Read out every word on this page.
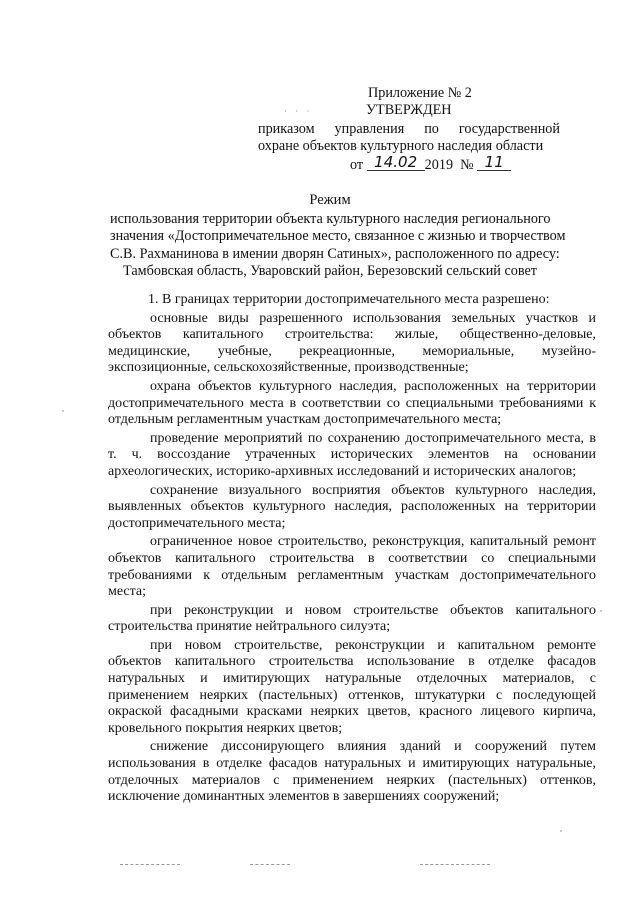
Приложение № 2
· · ·	УТВЕРЖДЕН
приказом управления по государственной
охране объектов культурного наследия области
от 14.02 2019 № 11
Режим
использования территории объекта культурного наследия регионального
значения «Достопримечательное место, связанное с жизнью и творчеством
С.В. Рахманинова в имении дворян Сатиных», расположенного по адресу:
Тамбовская область, Уваровский район, Березовский сельский совет

1. В границах территории достопримечательного места разрешено:

основные виды разрешенного использования земельных участков и объектов капитального строительства: жилые, общественно-деловые, медицинские, учебные, рекреационные, мемориальные, музейно-экспозиционные, сельскохозяйственные, производственные;

охрана объектов культурного наследия, расположенных на территории достопримечательного места в соответствии со специальными требованиями к отдельным регламентным участкам достопримечательного места;

проведение мероприятий по сохранению достопримечательного места, в т. ч. воссоздание утраченных исторических элементов на основании археологических, историко-архивных исследований и исторических аналогов;

сохранение визуального восприятия объектов культурного наследия, выявленных объектов культурного наследия, расположенных на территории достопримечательного места;

ограниченное новое строительство, реконструкция, капитальный ремонт объектов капитального строительства в соответствии со специальными требованиями к отдельным регламентным участкам достопримечательного места;

при реконструкции и новом строительстве объектов капитального строительства принятие нейтрального силуэта;

при новом строительстве, реконструкции и капитальном ремонте объектов капитального строительства использование в отделке фасадов натуральных и имитирующих натуральные отделочных материалов, с применением неярких (пастельных) оттенков, штукатурки с последующей окраской фасадными красками неярких цветов, красного лицевого кирпича, кровельного покрытия неярких цветов;

снижение диссонирующего влияния зданий и сооружений путем использования в отделке фасадов натуральных и имитирующих натуральные, отделочных материалов с применением неярких (пастельных) оттенков, исключение доминантных элементов в завершениях сооружений;
